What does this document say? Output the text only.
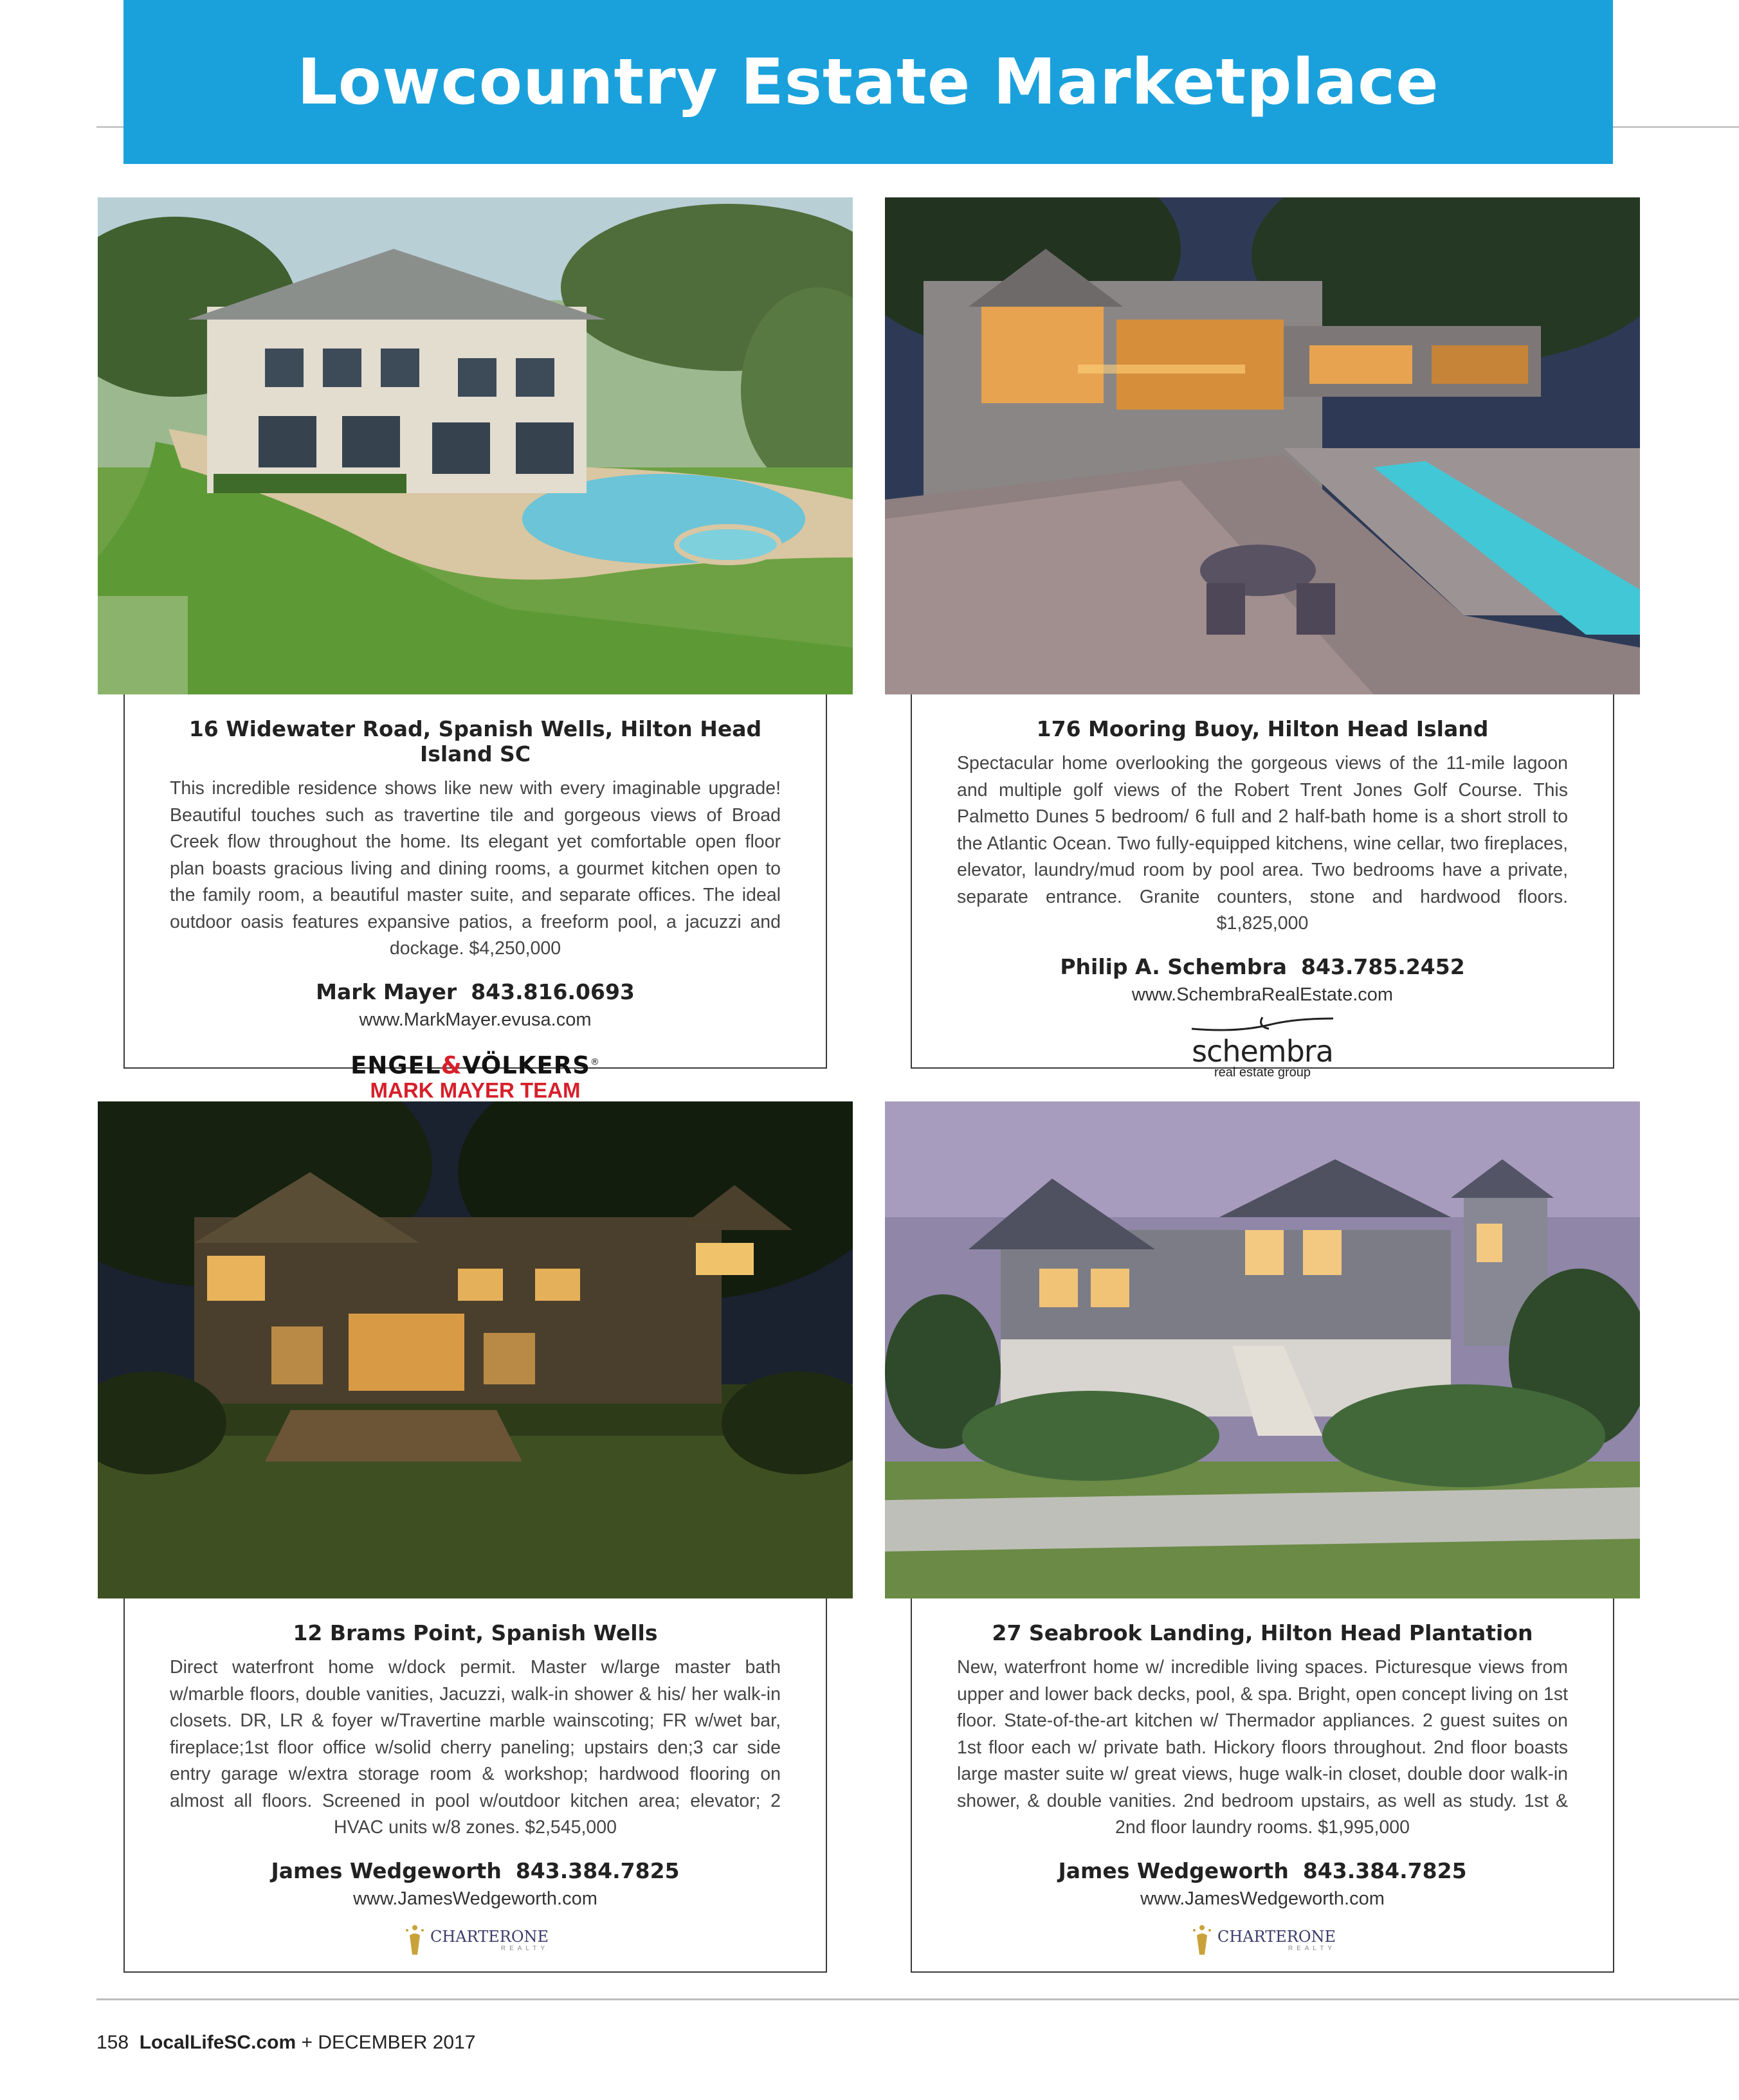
Lowcountry Estate Marketplace
16 Widewater Road, Spanish Wells, Hilton Head Island SC

This incredible residence shows like new with every imaginable upgrade! Beautiful touches such as travertine tile and gorgeous views of Broad Creek flow throughout the home. Its elegant yet comfortable open floor plan boasts gracious living and dining rooms, a gourmet kitchen open to the family room, a beautiful master suite, and separate offices. The ideal outdoor oasis features expansive patios, a freeform pool, a jacuzzi and dockage. $4,250,000

Mark Mayer 843.816.0693
www.MarkMayer.evusa.com
ENGEL&VÖLKERS®
MARK MAYER TEAM
176 Mooring Buoy, Hilton Head Island

Spectacular home overlooking the gorgeous views of the 11-mile lagoon and multiple golf views of the Robert Trent Jones Golf Course. This Palmetto Dunes 5 bedroom/ 6 full and 2 half-bath home is a short stroll to the Atlantic Ocean. Two fully-equipped kitchens, wine cellar, two fireplaces, elevator, laundry/mud room by pool area. Two bedrooms have a private, separate entrance. Granite counters, stone and hardwood floors. $1,825,000

Philip A. Schembra 843.785.2452
www.SchembraRealEstate.com
schembra
real estate group
12 Brams Point, Spanish Wells

Direct waterfront home w/dock permit. Master w/large master bath w/marble floors, double vanities, Jacuzzi, walk-in shower & his/ her walk-in closets. DR, LR & foyer w/Travertine marble wainscoting; FR w/wet bar, fireplace;1st floor office w/solid cherry paneling; upstairs den;3 car side entry garage w/extra storage room & workshop; hardwood flooring on almost all floors. Screened in pool w/outdoor kitchen area; elevator; 2 HVAC units w/8 zones. $2,545,000

James Wedgeworth 843.384.7825
www.JamesWedgeworth.com
CHARTERONE
REALTY
27 Seabrook Landing, Hilton Head Plantation

New, waterfront home w/ incredible living spaces. Picturesque views from upper and lower back decks, pool, & spa. Bright, open concept living on 1st floor. State-of-the-art kitchen w/ Thermador appliances. 2 guest suites on 1st floor each w/ private bath. Hickory floors throughout. 2nd floor boasts large master suite w/ great views, huge walk-in closet, double door walk-in shower, & double vanities. 2nd bedroom upstairs, as well as study. 1st & 2nd floor laundry rooms. $1,995,000

James Wedgeworth 843.384.7825
www.JamesWedgeworth.com
CHARTERONE
REALTY
158 LocalLifeSC.com + DECEMBER 2017
